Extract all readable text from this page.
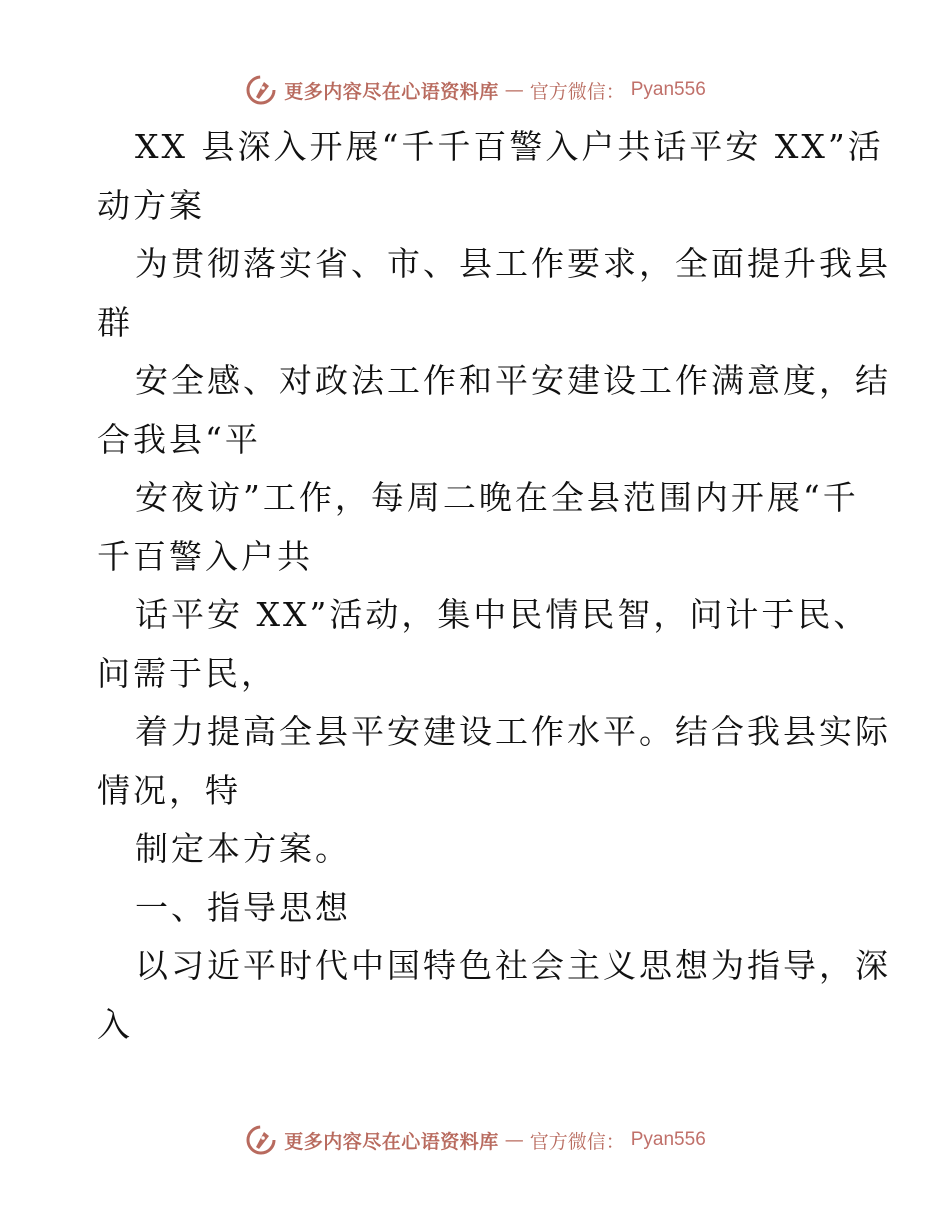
更多内容尽在心语资料库 — 官方微信： Pyan556
XX 县深入开展“千千百警入户共话平安 XX”活
动方案
为贯彻落实省、市、县工作要求，全面提升我县
群
安全感、对政法工作和平安建设工作满意度，结
合我县“平
安夜访”工作，每周二晚在全县范围内开展“千
千百警入户共
话平安 XX”活动，集中民情民智，问计于民、
问需于民，
着力提高全县平安建设工作水平。结合我县实际
情况，特
制定本方案。
一、指导思想
以习近平时代中国特色社会主义思想为指导，深
入
更多内容尽在心语资料库 — 官方微信： Pyan556
